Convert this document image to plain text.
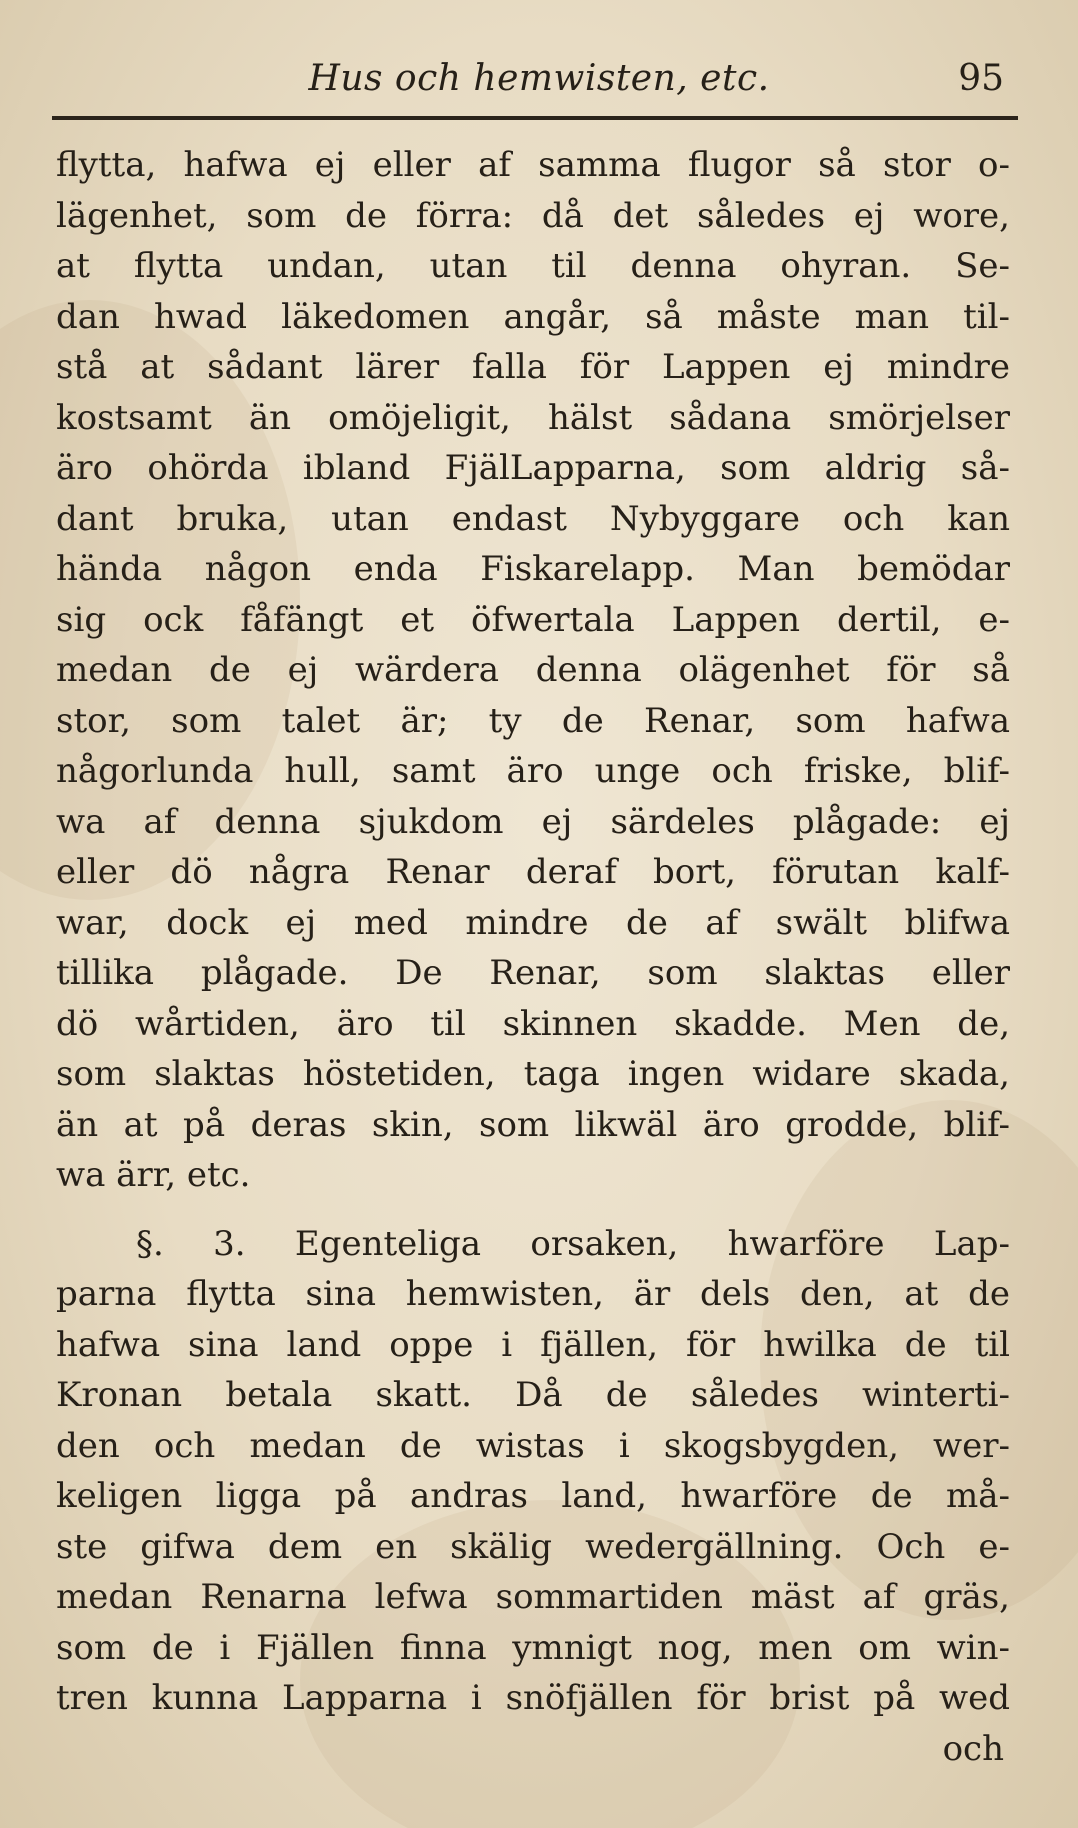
Hus och hemwisten, etc.	95
flytta, hafwa ej eller af samma flugor så stor o-
lägenhet, som de förra: då det således ej wore,
at flytta undan, utan til denna ohyran. Se-
dan hwad läkedomen angår, så måste man til-
stå at sådant lärer falla för Lappen ej mindre
kostsamt än omöjeligit, hälst sådana smörjelser
äro ohörda ibland FjälLapparna, som aldrig så-
dant bruka, utan endast Nybyggare och kan
hända någon enda Fiskarelapp. Man bemödar
sig ock fåfängt et öfwertala Lappen dertil, e-
medan de ej wärdera denna olägenhet för så
stor, som talet är; ty de Renar, som hafwa
någorlunda hull, samt äro unge och friske, blif-
wa af denna sjukdom ej särdeles plågade: ej
eller dö några Renar deraf bort, förutan kalf-
war, dock ej med mindre de af swält blifwa
tillika plågade. De Renar, som slaktas eller
dö wårtiden, äro til skinnen skadde. Men de,
som slaktas höstetiden, taga ingen widare skada,
än at på deras skin, som likwäl äro grodde, blif-
wa ärr, etc.
§. 3. Egenteliga orsaken, hwarföre Lap-
parna flytta sina hemwisten, är dels den, at de
hafwa sina land oppe i fjällen, för hwilka de til
Kronan betala skatt. Då de således winterti-
den och medan de wistas i skogsbygden, wer-
keligen ligga på andras land, hwarföre de må-
ste gifwa dem en skälig wedergällning. Och e-
medan Renarna lefwa sommartiden mäst af gräs,
som de i Fjällen finna ymnigt nog, men om win-
tren kunna Lapparna i snöfjällen för brist på wed
och
